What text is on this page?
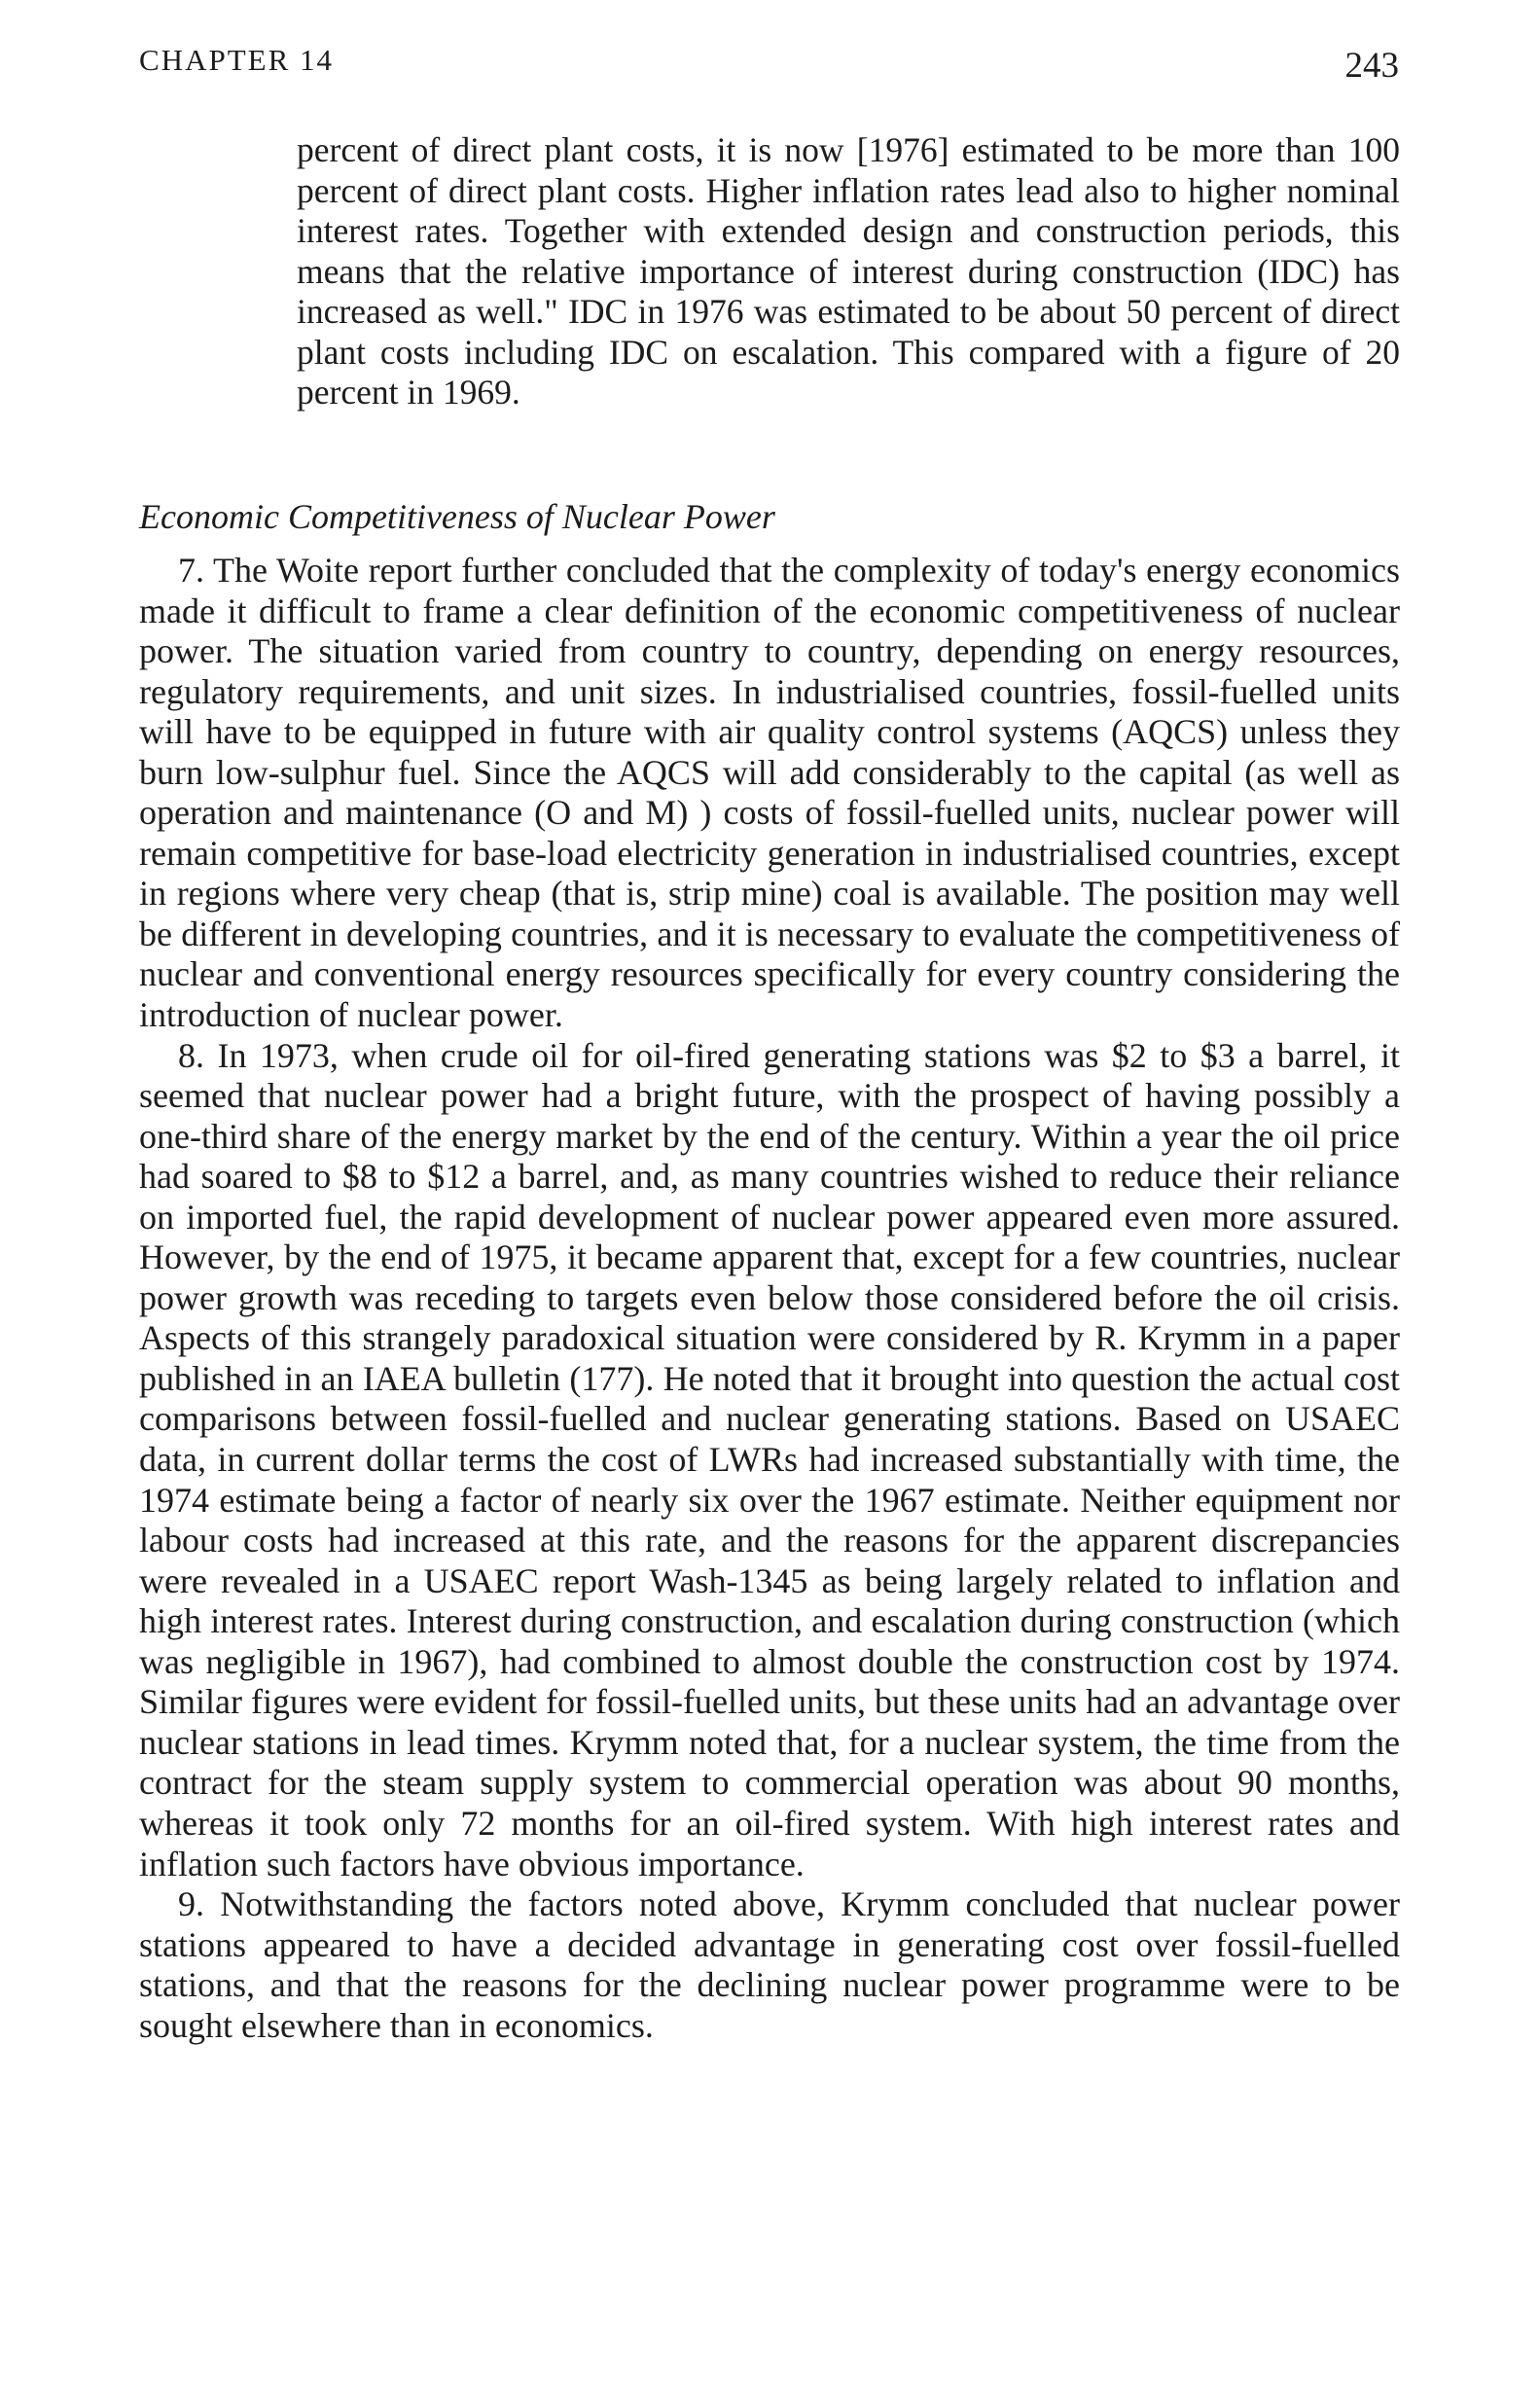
CHAPTER 14	243

percent of direct plant costs, it is now [1976] estimated to be more than 100 percent of direct plant costs. Higher inflation rates lead also to higher nominal interest rates. Together with extended design and construction periods, this means that the relative importance of interest during construction (IDC) has increased as well." IDC in 1976 was estimated to be about 50 percent of direct plant costs including IDC on escalation. This compared with a figure of 20 percent in 1969.

Economic Competitiveness of Nuclear Power

7. The Woite report further concluded that the complexity of today's energy economics made it difficult to frame a clear definition of the economic competitiveness of nuclear power. The situation varied from country to country, depending on energy resources, regulatory requirements, and unit sizes. In industrialised countries, fossil-fuelled units will have to be equipped in future with air quality control systems (AQCS) unless they burn low-sulphur fuel. Since the AQCS will add considerably to the capital (as well as operation and maintenance (O and M) ) costs of fossil-fuelled units, nuclear power will remain competitive for base-load electricity generation in industrialised countries, except in regions where very cheap (that is, strip mine) coal is available. The position may well be different in developing countries, and it is necessary to evaluate the competitiveness of nuclear and conventional energy resources specifically for every country considering the introduction of nuclear power.

8. In 1973, when crude oil for oil-fired generating stations was $2 to $3 a barrel, it seemed that nuclear power had a bright future, with the prospect of having possibly a one-third share of the energy market by the end of the century. Within a year the oil price had soared to $8 to $12 a barrel, and, as many countries wished to reduce their reliance on imported fuel, the rapid development of nuclear power appeared even more assured. However, by the end of 1975, it became apparent that, except for a few countries, nuclear power growth was receding to targets even below those considered before the oil crisis. Aspects of this strangely paradoxical situation were considered by R. Krymm in a paper published in an IAEA bulletin (177). He noted that it brought into question the actual cost comparisons between fossil-fuelled and nuclear generating stations. Based on USAEC data, in current dollar terms the cost of LWRs had increased substantially with time, the 1974 estimate being a factor of nearly six over the 1967 estimate. Neither equipment nor labour costs had increased at this rate, and the reasons for the apparent discrepancies were revealed in a USAEC report Wash-1345 as being largely related to inflation and high interest rates. Interest during construction, and escalation during construction (which was negligible in 1967), had combined to almost double the construction cost by 1974. Similar figures were evident for fossil-fuelled units, but these units had an advantage over nuclear stations in lead times. Krymm noted that, for a nuclear system, the time from the contract for the steam supply system to commercial operation was about 90 months, whereas it took only 72 months for an oil-fired system. With high interest rates and inflation such factors have obvious importance.

9. Notwithstanding the factors noted above, Krymm concluded that nuclear power stations appeared to have a decided advantage in generating cost over fossil-fuelled stations, and that the reasons for the declining nuclear power programme were to be sought elsewhere than in economics.
